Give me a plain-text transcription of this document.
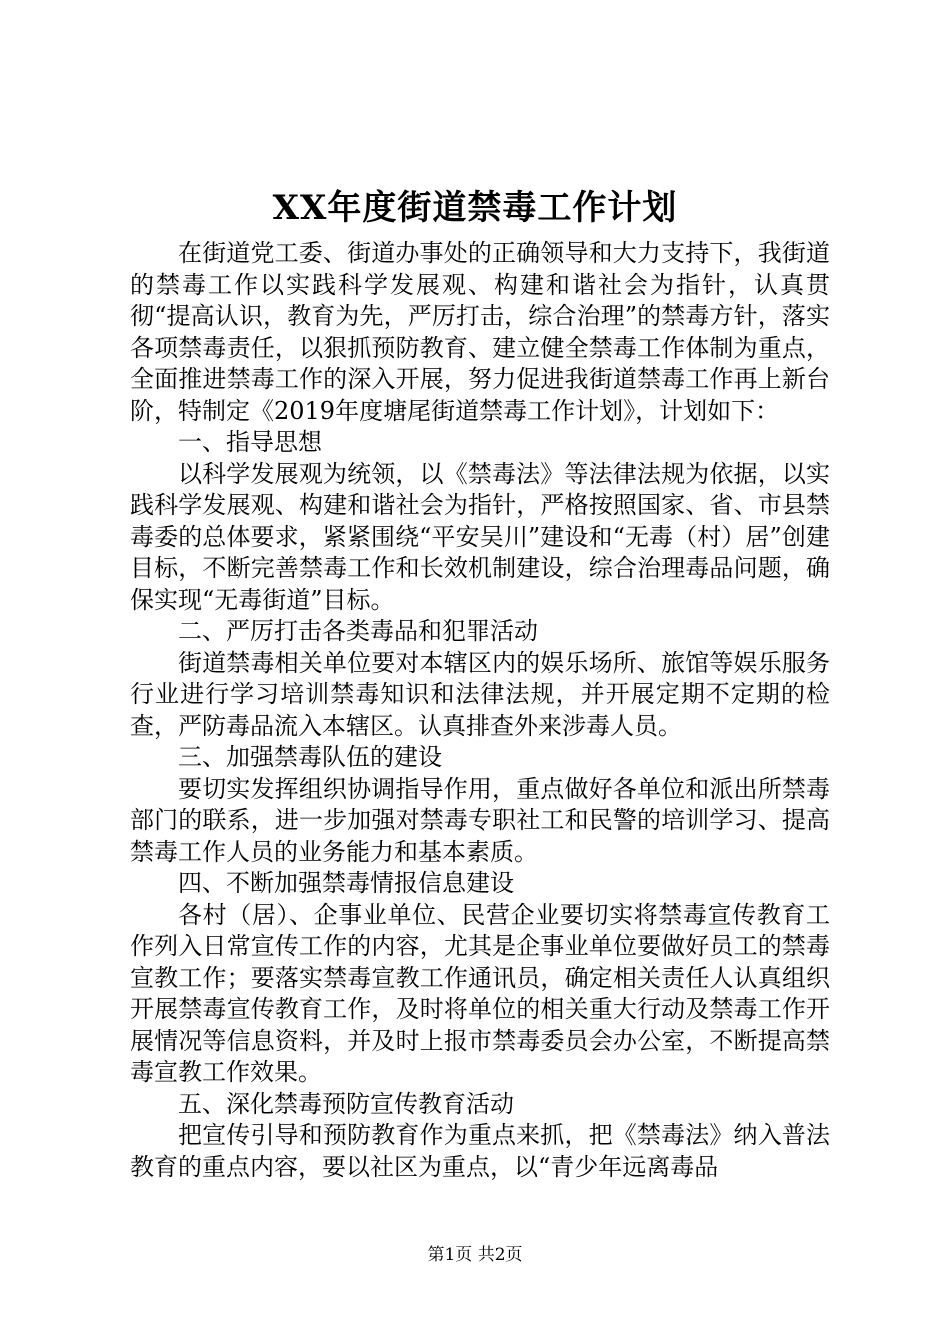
XX年度街道禁毒工作计划

在街道党工委、街道办事处的正确领导和大力支持下，我街道的禁毒工作以实践科学发展观、构建和谐社会为指针，认真贯彻“提高认识，教育为先，严厉打击，综合治理”的禁毒方针，落实各项禁毒责任，以狠抓预防教育、建立健全禁毒工作体制为重点，全面推进禁毒工作的深入开展，努力促进我街道禁毒工作再上新台阶，特制定《2019年度塘尾街道禁毒工作计划》，计划如下：

一、指导思想

以科学发展观为统领，以《禁毒法》等法律法规为依据，以实践科学发展观、构建和谐社会为指针，严格按照国家、省、市县禁毒委的总体要求，紧紧围绕“平安吴川”建设和“无毒（村）居”创建目标，不断完善禁毒工作和长效机制建设，综合治理毒品问题，确保实现“无毒街道”目标。

二、严厉打击各类毒品和犯罪活动

街道禁毒相关单位要对本辖区内的娱乐场所、旅馆等娱乐服务行业进行学习培训禁毒知识和法律法规，并开展定期不定期的检查，严防毒品流入本辖区。认真排查外来涉毒人员。

三、加强禁毒队伍的建设

要切实发挥组织协调指导作用，重点做好各单位和派出所禁毒部门的联系，进一步加强对禁毒专职社工和民警的培训学习、提高禁毒工作人员的业务能力和基本素质。

四、不断加强禁毒情报信息建设

各村（居）、企事业单位、民营企业要切实将禁毒宣传教育工作列入日常宣传工作的内容，尤其是企事业单位要做好员工的禁毒宣教工作；要落实禁毒宣教工作通讯员，确定相关责任人认真组织开展禁毒宣传教育工作，及时将单位的相关重大行动及禁毒工作开展情况等信息资料，并及时上报市禁毒委员会办公室，不断提高禁毒宣教工作效果。

五、深化禁毒预防宣传教育活动

把宣传引导和预防教育作为重点来抓，把《禁毒法》纳入普法教育的重点内容，要以社区为重点，以“青少年远离毒品

第1页 共2页
